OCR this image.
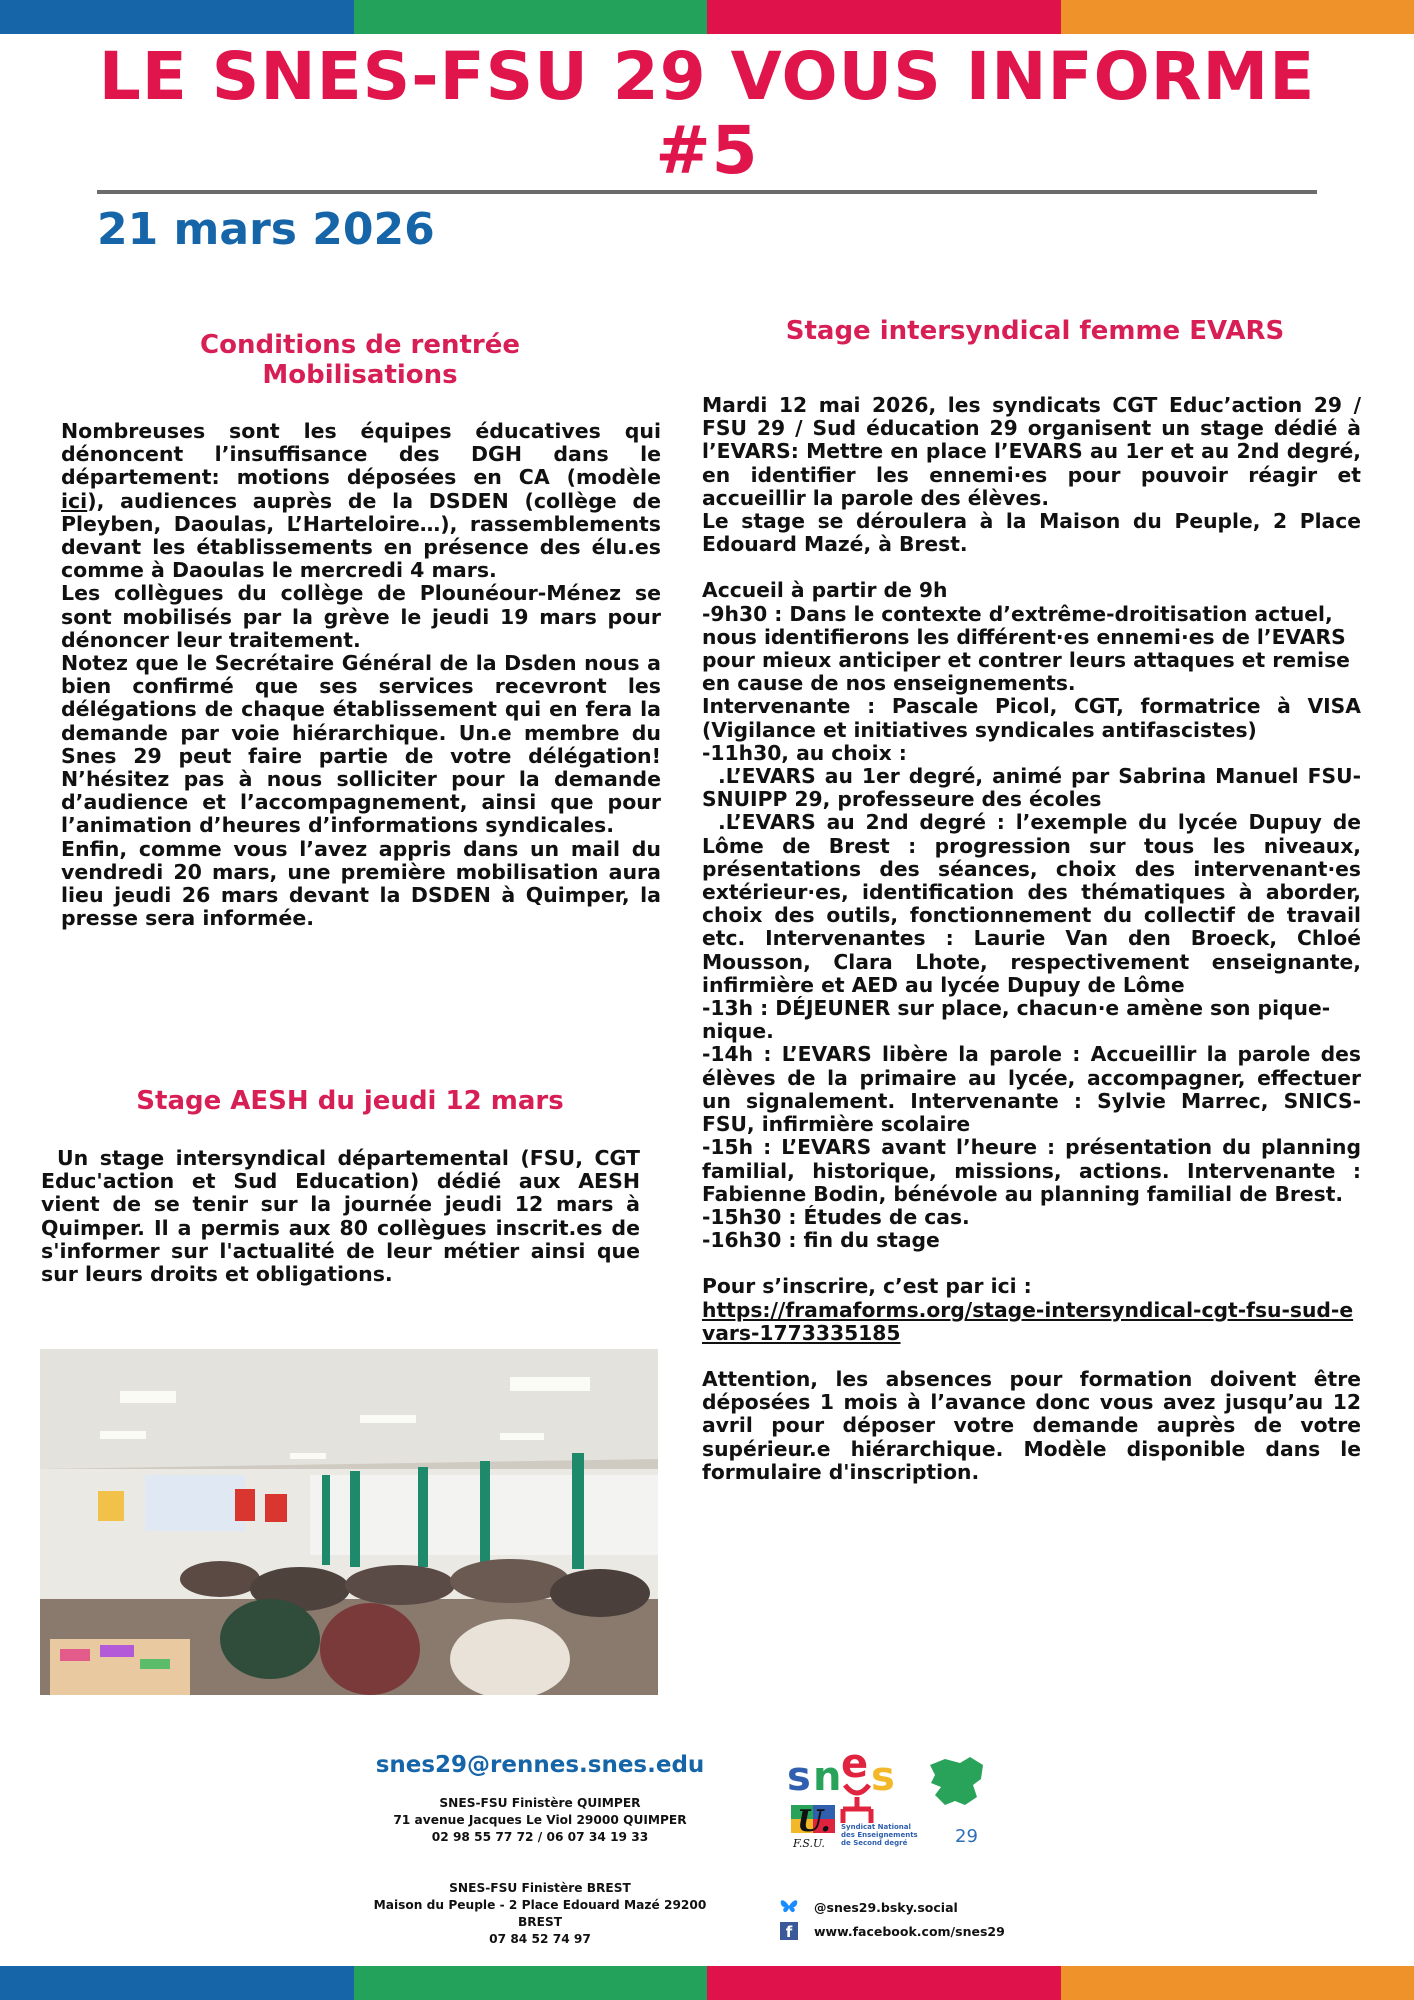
LE SNES-FSU 29 VOUS INFORME
#5
21 mars 2026
Conditions de rentrée
Mobilisations

Nombreuses sont les équipes éducatives qui dénoncent l’insuffisance des DGH dans le département: motions déposées en CA (modèle ici), audiences auprès de la DSDEN (collège de Pleyben, Daoulas, L’Harteloire…), rassemblements devant les établissements en présence des élu.es comme à Daoulas le mercredi 4 mars.

Les collègues du collège de Plounéour-Ménez se sont mobilisés par la grève le jeudi 19 mars pour dénoncer leur traitement.

Notez que le Secrétaire Général de la Dsden nous a bien confirmé que ses services recevront les délégations de chaque établissement qui en fera la demande par voie hiérarchique. Un.e membre du Snes 29 peut faire partie de votre délégation! N’hésitez pas à nous solliciter pour la demande d’audience et l’accompagnement, ainsi que pour l’animation d’heures d’informations syndicales.

Enfin, comme vous l’avez appris dans un mail du vendredi 20 mars, une première mobilisation aura lieu jeudi 26 mars devant la DSDEN à Quimper, la presse sera informée.

Stage AESH du jeudi 12 mars

Un stage intersyndical départemental (FSU, CGT Educ'action et Sud Education) dédié aux AESH vient de se tenir sur la journée jeudi 12 mars à Quimper. Il a permis aux 80 collègues inscrit.es de s'informer sur l'actualité de leur métier ainsi que sur leurs droits et obligations.

Stage intersyndical femme EVARS

Mardi 12 mai 2026, les syndicats CGT Educ’action 29 / FSU 29 / Sud éducation 29 organisent un stage dédié à l’EVARS: Mettre en place l’EVARS au 1er et au 2nd degré, en identifier les ennemi·es pour pouvoir réagir et accueillir la parole des élèves.

Le stage se déroulera à la Maison du Peuple, 2 Place Edouard Mazé, à Brest.

Accueil à partir de 9h

-9h30 : Dans le contexte d’extrême-droitisation actuel, nous identifierons les différent·es ennemi·es de l’EVARS pour mieux anticiper et contrer leurs attaques et remise en cause de nos enseignements.

Intervenante : Pascale Picol, CGT, formatrice à VISA (Vigilance et initiatives syndicales antifascistes)

-11h30, au choix :

.L’EVARS au 1er degré, animé par Sabrina Manuel FSU-SNUIPP 29, professeure des écoles

.L’EVARS au 2nd degré : l’exemple du lycée Dupuy de Lôme de Brest : progression sur tous les niveaux, présentations des séances, choix des intervenant·es extérieur·es, identification des thématiques à aborder, choix des outils, fonctionnement du collectif de travail etc. Intervenantes : Laurie Van den Broeck, Chloé Mousson, Clara Lhote, respectivement enseignante, infirmière et AED au lycée Dupuy de Lôme

-13h : DÉJEUNER sur place, chacun·e amène son pique-nique.

-14h : L’EVARS libère la parole : Accueillir la parole des élèves de la primaire au lycée, accompagner, effectuer un signalement. Intervenante : Sylvie Marrec, SNICS-FSU, infirmière scolaire

-15h : L’EVARS avant l’heure : présentation du planning familial, historique, missions, actions. Intervenante : Fabienne Bodin, bénévole au planning familial de Brest.

-15h30 : Études de cas.

-16h30 : fin du stage

Pour s’inscrire, c’est par ici :

https://framaforms.org/stage-intersyndical-cgt-fsu-sud-evars-1773335185

Attention, les absences pour formation doivent être déposées 1 mois à l’avance donc vous avez jusqu’au 12 avril pour déposer votre demande auprès de votre supérieur.e hiérarchique. Modèle disponible dans le formulaire d'inscription.

snes29@rennes.snes.edu
SNES-FSU Finistère QUIMPER
71 avenue Jacques Le Viol 29000 QUIMPER
02 98 55 77 72 / 06 07 34 19 33
SNES-FSU Finistère BREST
Maison du Peuple - 2 Place Edouard Mazé 29200
BREST
07 84 52 74 97
s n e s
U.
F.S.U.
Syndicat National
des Enseignements
de Second degré	29
@snes29.bsky.social
f	www.facebook.com/snes29
